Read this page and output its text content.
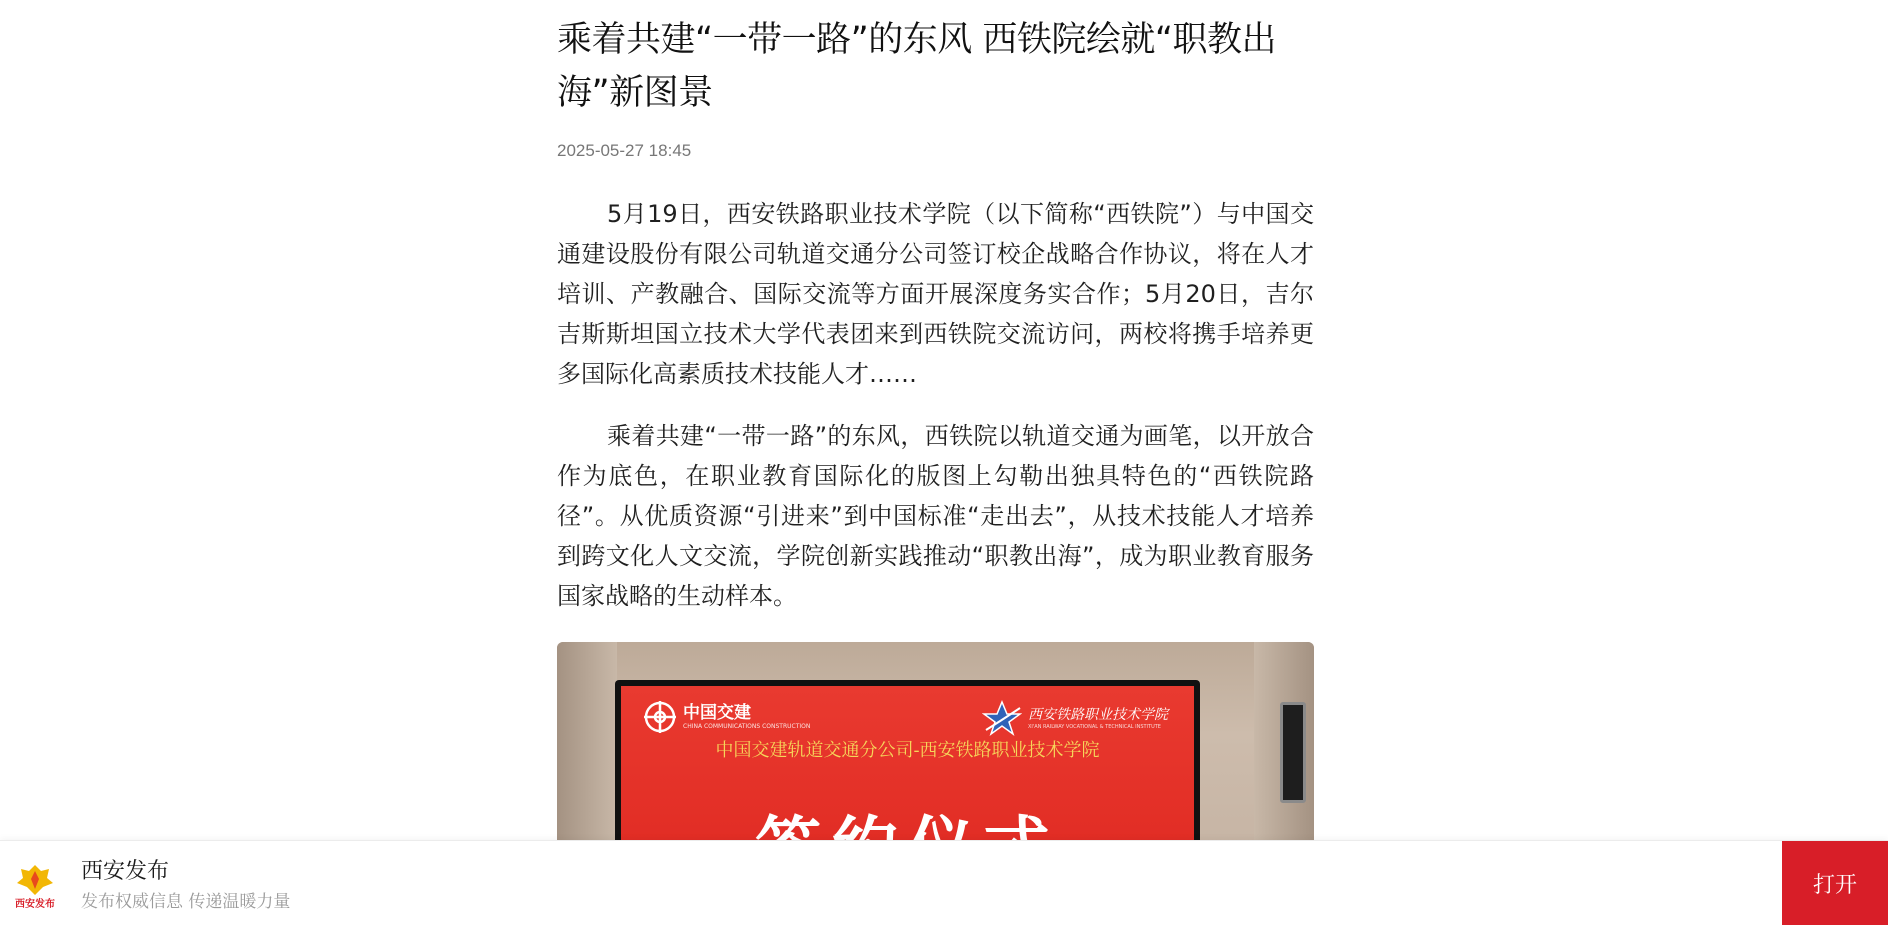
乘着共建“一带一路”的东风 西铁院绘就“职教出海”新图景
2025-05-27 18:45

5月19日，西安铁路职业技术学院（以下简称“西铁院”）与中国交通建设股份有限公司轨道交通分公司签订校企战略合作协议，将在人才培训、产教融合、国际交流等方面开展深度务实合作；5月20日，吉尔吉斯斯坦国立技术大学代表团来到西铁院交流访问，两校将携手培养更多国际化高素质技术技能人才……

乘着共建“一带一路”的东风，西铁院以轨道交通为画笔，以开放合作为底色，在职业教育国际化的版图上勾勒出独具特色的“西铁院路径”。从优质资源“引进来”到中国标准“走出去”，从技术技能人才培养到跨文化人文交流，学院创新实践推动“职教出海”，成为职业教育服务国家战略的生动样本。

中国交建
CHINA COMMUNICATIONS CONSTRUCTION
西安铁路职业技术学院
XI'AN RAILWAY VOCATIONAL & TECHNICAL INSTITUTE
中国交建轨道交通分公司-西安铁路职业技术学院
西安发布
西安发布
发布权威信息 传递温暖力量
打开
